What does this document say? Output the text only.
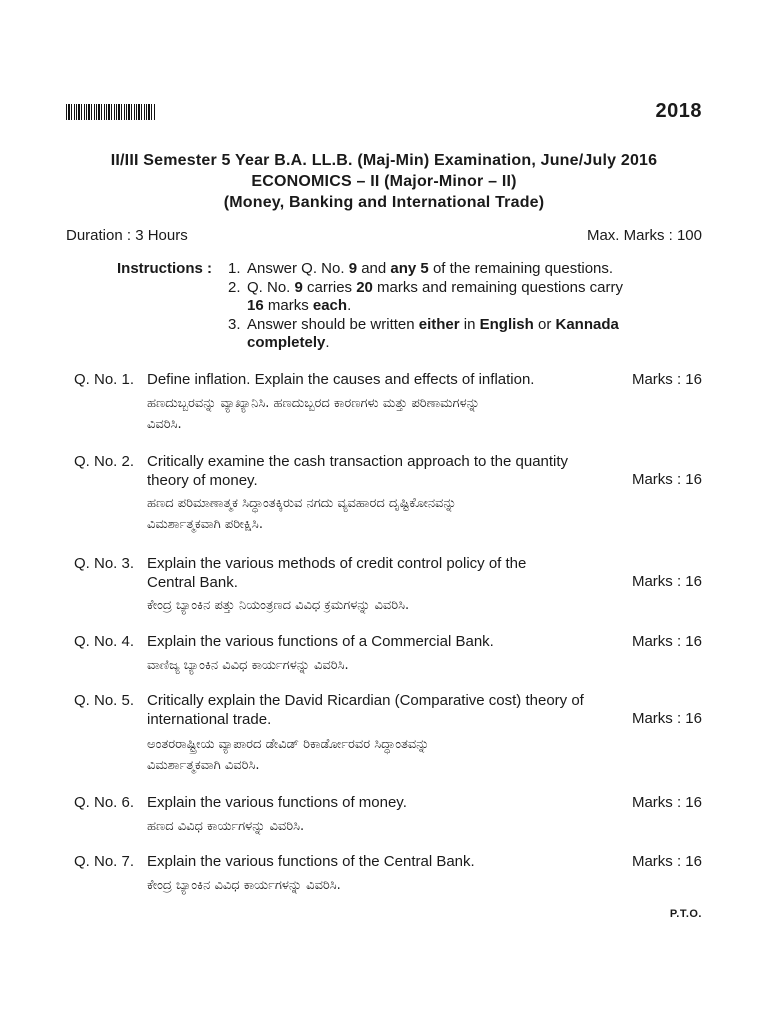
2018
II/III Semester 5 Year B.A. LL.B. (Maj-Min) Examination, June/July 2016
ECONOMICS – II (Major-Minor – II)
(Money, Banking and International Trade)
Duration : 3 Hours	Max. Marks : 100
Instructions : 1. Answer Q. No. 9 and any 5 of the remaining questions.
2. Q. No. 9 carries 20 marks and remaining questions carry
16 marks each.
3. Answer should be written either in English or Kannada
completely.
Q. No. 1. Define inflation. Explain the causes and effects of inflation.	Marks : 16
ಹಣದುಬ್ಬರವನ್ನು ವ್ಯಾಖ್ಯಾನಿಸಿ. ಹಣದುಬ್ಬರದ ಕಾರಣಗಳು ಮತ್ತು ಪರಿಣಾಮಗಳನ್ನು
ವಿವರಿಸಿ.
Q. No. 2. Critically examine the cash transaction approach to the quantity
theory of money.	Marks : 16
ಹಣದ ಪರಿಮಾಣಾತ್ಮಕ ಸಿದ್ಧಾಂತಕ್ಕಿರುವ ನಗದು ವ್ಯವಹಾರದ ದೃಷ್ಟಿಕೋನವನ್ನು
ವಿಮರ್ಶಾತ್ಮಕವಾಗಿ ಪರೀಕ್ಷಿಸಿ.
Q. No. 3. Explain the various methods of credit control policy of the
Central Bank.	Marks : 16
ಕೇಂದ್ರ ಬ್ಯಾಂಕಿನ ಪತ್ತು ನಿಯಂತ್ರಣದ ವಿವಿಧ ಕ್ರಮಗಳನ್ನು ವಿವರಿಸಿ.
Q. No. 4. Explain the various functions of a Commercial Bank.	Marks : 16
ವಾಣಿಜ್ಯ ಬ್ಯಾಂಕಿನ ವಿವಿಧ ಕಾರ್ಯಗಳನ್ನು ವಿವರಿಸಿ.
Q. No. 5. Critically explain the David Ricardian (Comparative cost) theory of
international trade.	Marks : 16
ಅಂತರರಾಷ್ಟ್ರೀಯ ವ್ಯಾಪಾರದ ಡೇವಿಡ್ ರಿಕಾರ್ಡೋರವರ ಸಿದ್ಧಾಂತವನ್ನು
ವಿಮರ್ಶಾತ್ಮಕವಾಗಿ ವಿವರಿಸಿ.
Q. No. 6. Explain the various functions of money.	Marks : 16
ಹಣದ ವಿವಿಧ ಕಾರ್ಯಗಳನ್ನು ವಿವರಿಸಿ.
Q. No. 7. Explain the various functions of the Central Bank.	Marks : 16
ಕೇಂದ್ರ ಬ್ಯಾಂಕಿನ ವಿವಿಧ ಕಾರ್ಯಗಳನ್ನು ವಿವರಿಸಿ.
P.T.O.
